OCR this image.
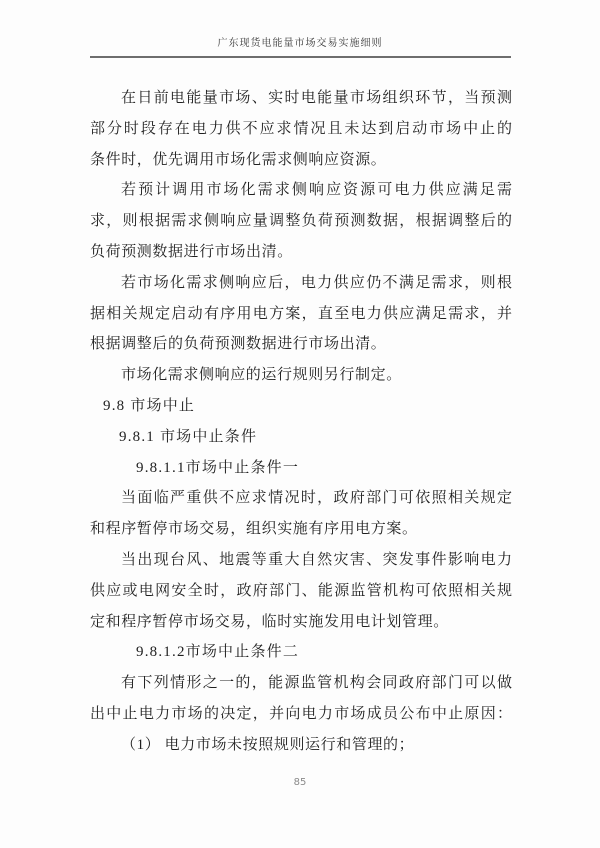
广东现货电能量市场交易实施细则
在日前电能量市场、实时电能量市场组织环节，当预测
部分时段存在电力供不应求情况且未达到启动市场中止的
条件时，优先调用市场化需求侧响应资源。
若预计调用市场化需求侧响应资源可电力供应满足需
求，则根据需求侧响应量调整负荷预测数据，根据调整后的
负荷预测数据进行市场出清。
若市场化需求侧响应后，电力供应仍不满足需求，则根
据相关规定启动有序用电方案，直至电力供应满足需求，并
根据调整后的负荷预测数据进行市场出清。
市场化需求侧响应的运行规则另行制定。
9.8 市场中止
9.8.1 市场中止条件
9.8.1.1市场中止条件一
当面临严重供不应求情况时，政府部门可依照相关规定
和程序暂停市场交易，组织实施有序用电方案。
当出现台风、地震等重大自然灾害、突发事件影响电力
供应或电网安全时，政府部门、能源监管机构可依照相关规
定和程序暂停市场交易，临时实施发用电计划管理。
9.8.1.2市场中止条件二
有下列情形之一的，能源监管机构会同政府部门可以做
出中止电力市场的决定，并向电力市场成员公布中止原因：
（1） 电力市场未按照规则运行和管理的；
85
